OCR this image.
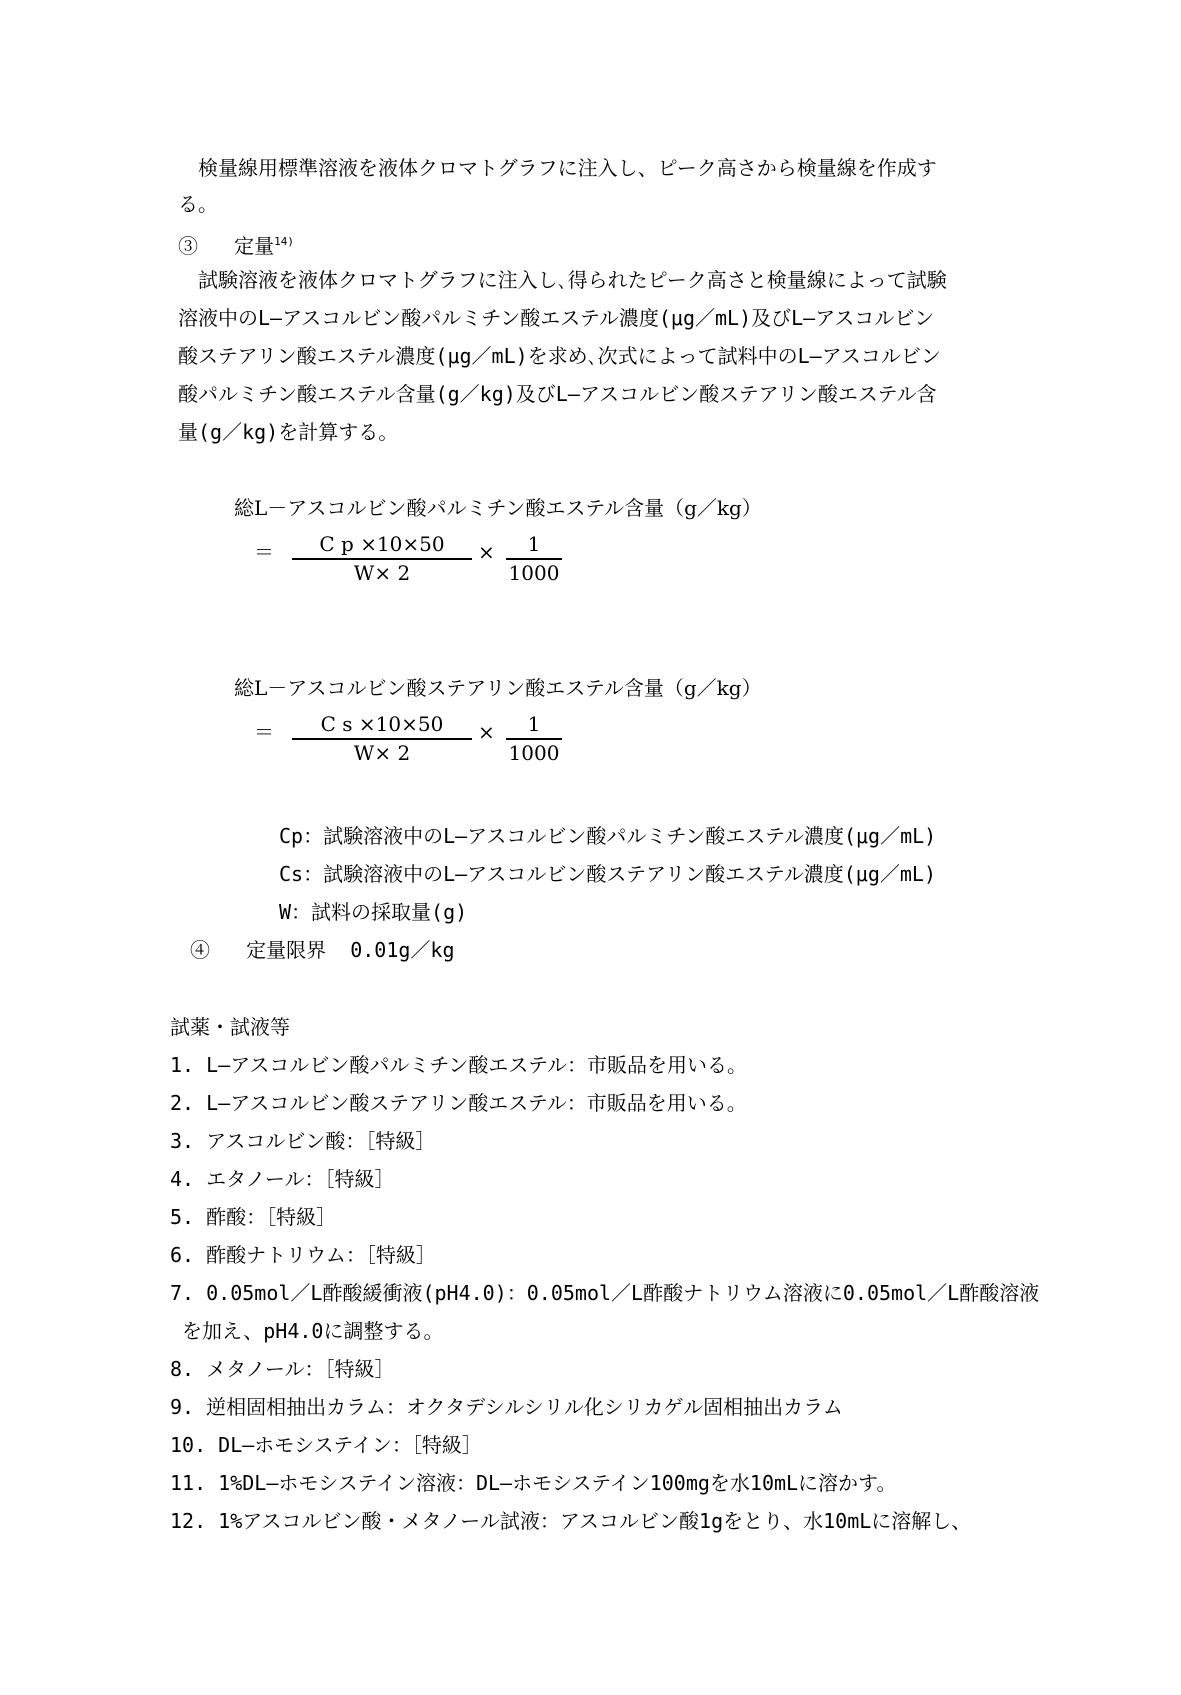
検量線用標準溶液を液体クロマトグラフに注入し、ピーク高さから検量線を作成す
る。
③ 定量$^{14)}$
試験溶液を液体クロマトグラフに注入し､得られたピーク高さと検量線によって試験
溶液中のL―アスコルビン酸パルミチン酸エステル濃度(μg／mL)及びL―アスコルビン
酸ステアリン酸エステル濃度(μg／mL)を求め､次式によって試料中のL―アスコルビン
酸パルミチン酸エステル含量(g／kg)及びL―アスコルビン酸ステアリン酸エステル含
量(g／kg)を計算する。
総L－アスコルビン酸パルミチン酸エステル含量（g／kg）
＝ $\frac{\text{C p ×10×50}}{W\times 2} \times \frac{1}{1000}$
総L－アスコルビン酸ステアリン酸エステル含量（g／kg）
＝ $\frac{\text{C s ×10×50}}{W\times 2} \times \frac{1}{1000}$
Cp：試験溶液中のL―アスコルビン酸パルミチン酸エステル濃度(μg／mL)
Cs：試験溶液中のL―アスコルビン酸ステアリン酸エステル濃度(μg／mL)
W：試料の採取量(g)
④ 定量限界 0.01g／kg
試薬・試液等
1. L―アスコルビン酸パルミチン酸エステル：市販品を用いる。
2. L―アスコルビン酸ステアリン酸エステル：市販品を用いる。
3. アスコルビン酸：［特級］
4. エタノール：［特級］
5. 酢酸：［特級］
6. 酢酸ナトリウム：［特級］
7. 0.05mol／L酢酸緩衝液(pH4.0)：0.05mol／L酢酸ナトリウム溶液に0.05mol／L酢酸溶液
を加え、pH4.0に調整する。
8. メタノール：［特級］
9. 逆相固相抽出カラム：オクタデシルシリル化シリカゲル固相抽出カラム
10. DL―ホモシステイン：［特級］
11. 1%DL―ホモシステイン溶液：DL―ホモシステイン100mgを水10mLに溶かす。
12. 1%アスコルビン酸・メタノール試液：アスコルビン酸1gをとり、水10mLに溶解し、
